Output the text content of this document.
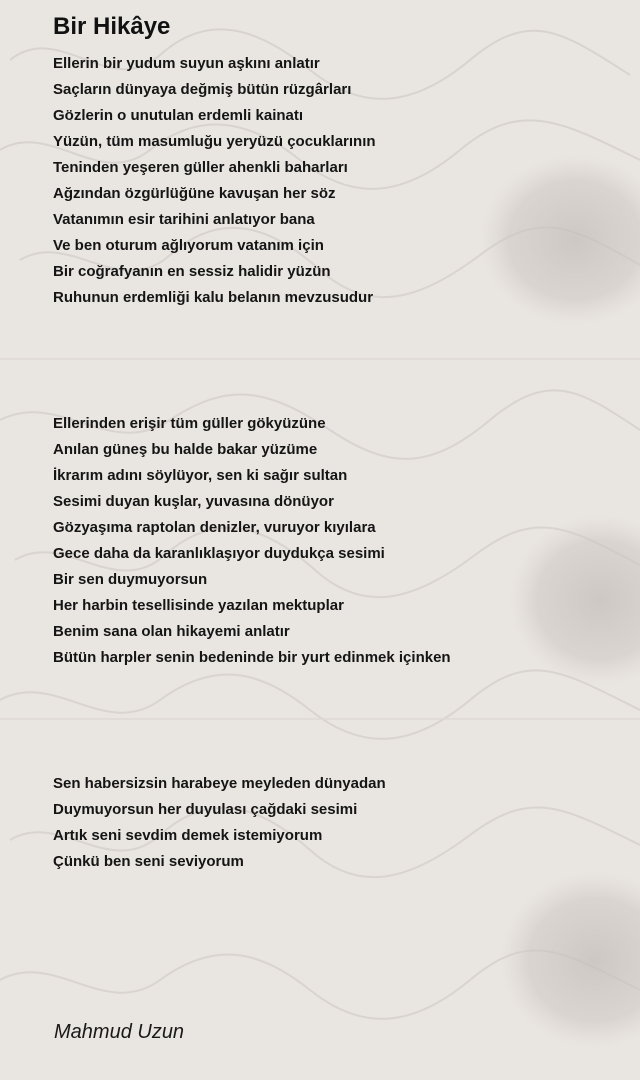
Bir Hikâye
Ellerin bir yudum suyun aşkını anlatır
Saçların dünyaya değmiş bütün rüzgârları
Gözlerin o unutulan erdemli kainatı
Yüzün, tüm masumluğu yeryüzü çocuklarının
Teninden yeşeren güller ahenkli baharları
Ağzından özgürlüğüne kavuşan her söz
Vatanımın esir tarihini anlatıyor bana
Ve ben oturum ağlıyorum vatanım için
Bir coğrafyanın en sessiz halidir yüzün
Ruhunun erdemliği kalu belanın mevzusudur
Ellerinden erişir tüm güller gökyüzüne
Anılan güneş bu halde bakar yüzüme
İkrarım adını söylüyor, sen ki sağır sultan
Sesimi duyan kuşlar, yuvasına dönüyor
Gözyaşıma raptolan denizler, vuruyor kıyılara
Gece daha da karanlıklaşıyor duydukça sesimi
Bir sen duymuyorsun
Her harbin tesellisinde yazılan mektuplar
Benim sana olan hikayemi anlatır
Bütün harpler senin bedeninde bir yurt edinmek içinken
Sen habersizsin harabeye meyleden dünyadan
Duymuyorsun her duyulası çağdaki sesimi
Artık seni sevdim demek istemiyorum
Çünkü ben seni seviyorum
Mahmud Uzun
